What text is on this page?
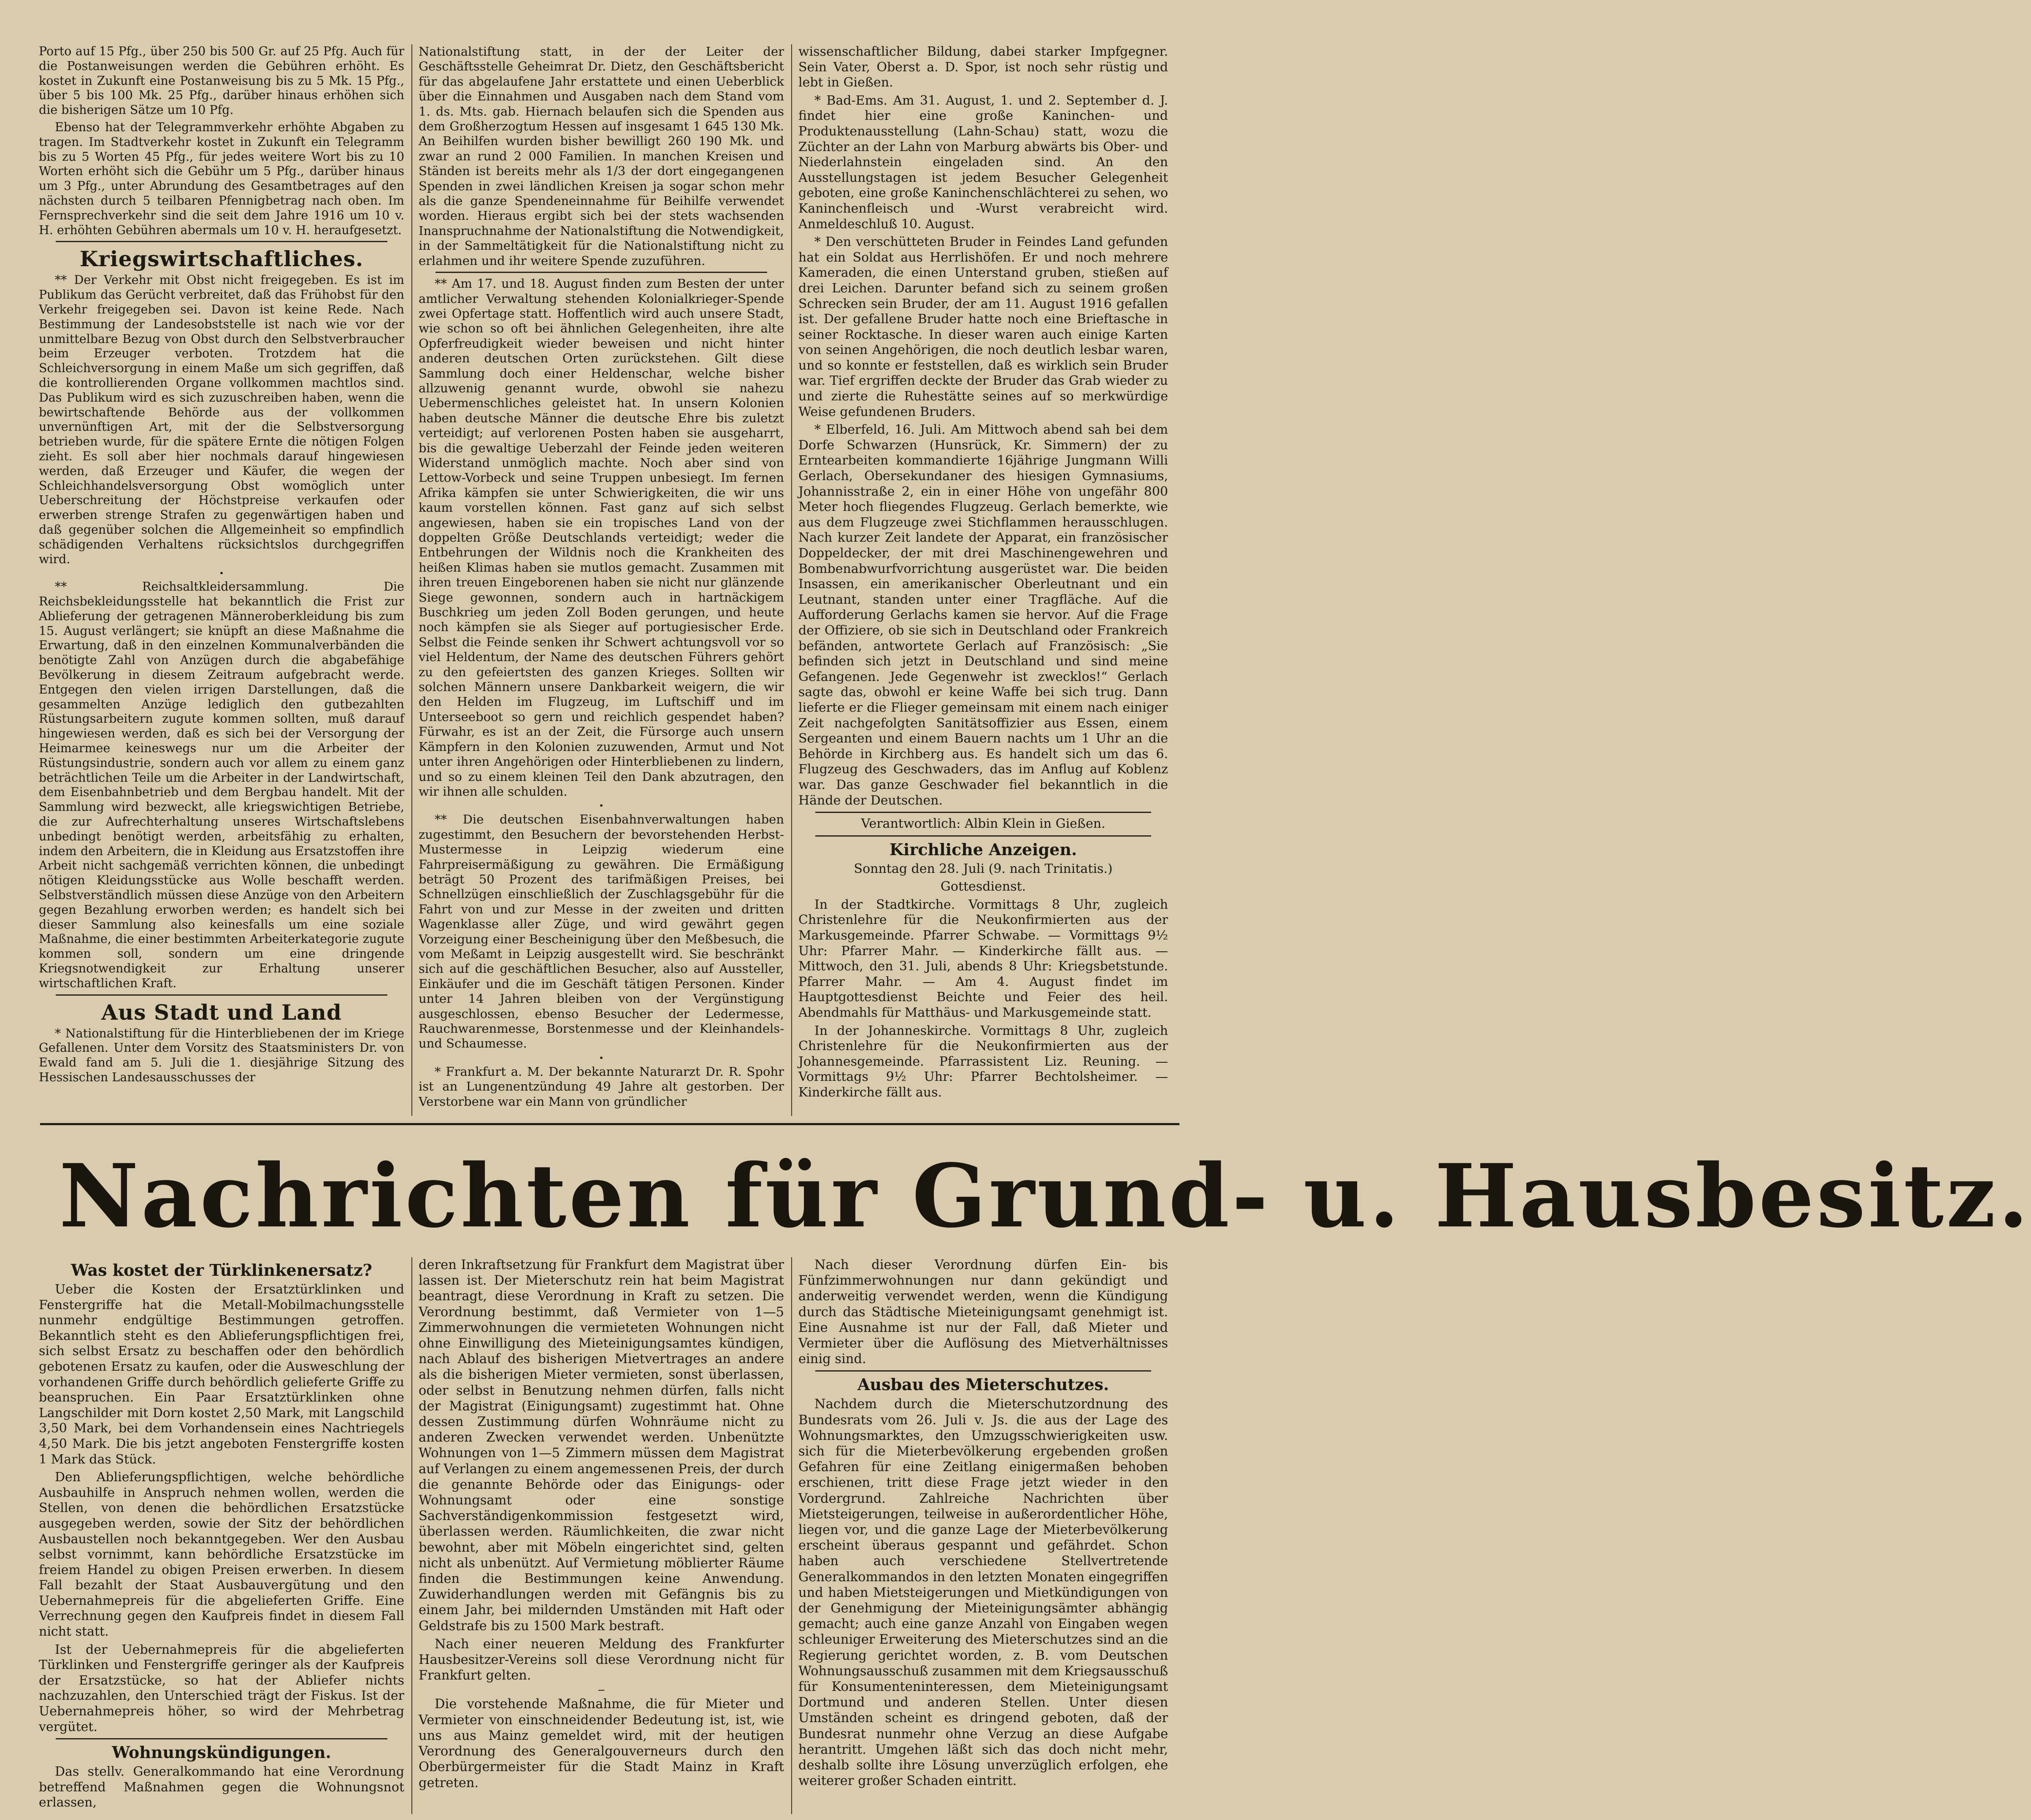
Porto auf 15 Pfg., über 250 bis 500 Gr. auf 25 Pfg. Auch für die Postanweisungen werden die Gebühren erhöht. Es kostet in Zukunft eine Postanweisung bis zu 5 Mk. 15 Pfg., über 5 bis 100 Mk. 25 Pfg., darüber hinaus erhöhen sich die bisherigen Sätze um 10 Pfg.

Ebenso hat der Telegrammverkehr erhöhte Abgaben zu tragen. Im Stadtverkehr kostet in Zukunft ein Telegramm bis zu 5 Worten 45 Pfg., für jedes weitere Wort bis zu 10 Worten erhöht sich die Gebühr um 5 Pfg., darüber hinaus um 3 Pfg., unter Abrundung des Gesamtbetrages auf den nächsten durch 5 teilbaren Pfennigbetrag nach oben. Im Fernsprechverkehr sind die seit dem Jahre 1916 um 10 v. H. erhöhten Gebühren abermals um 10 v. H. heraufgesetzt.

Kriegswirtschaftliches.

** Der Verkehr mit Obst nicht freigegeben. Es ist im Publikum das Gerücht verbreitet, daß das Frühobst für den Verkehr freigegeben sei. Davon ist keine Rede. Nach Bestimmung der Landesobststelle ist nach wie vor der unmittelbare Bezug von Obst durch den Selbstverbraucher beim Erzeuger verboten. Trotzdem hat die Schleichversorgung in einem Maße um sich gegriffen, daß die kontrollierenden Organe vollkommen machtlos sind. Das Publikum wird es sich zuzuschreiben haben, wenn die bewirtschaftende Behörde aus der vollkommen unvernünftigen Art, mit der die Selbstversorgung betrieben wurde, für die spätere Ernte die nötigen Folgen zieht. Es soll aber hier nochmals darauf hingewiesen werden, daß Erzeuger und Käufer, die wegen der Schleichhandelsversorgung Obst womöglich unter Ueberschreitung der Höchstpreise verkaufen oder erwerben strenge Strafen zu gegenwärtigen haben und daß gegenüber solchen die Allgemeinheit so empfindlich schädigenden Verhaltens rücksichtslos durchgegriffen wird.

•

** Reichsaltkleidersammlung. Die Reichsbekleidungsstelle hat bekanntlich die Frist zur Ablieferung der getragenen Männeroberkleidung bis zum 15. August verlängert; sie knüpft an diese Maßnahme die Erwartung, daß in den einzelnen Kommunalverbänden die benötigte Zahl von Anzügen durch die abgabefähige Bevölkerung in diesem Zeitraum aufgebracht werde. Entgegen den vielen irrigen Darstellungen, daß die gesammelten Anzüge lediglich den gutbezahlten Rüstungsarbeitern zugute kommen sollten, muß darauf hingewiesen werden, daß es sich bei der Versorgung der Heimarmee keineswegs nur um die Arbeiter der Rüstungsindustrie, sondern auch vor allem zu einem ganz beträchtlichen Teile um die Arbeiter in der Landwirtschaft, dem Eisenbahnbetrieb und dem Bergbau handelt. Mit der Sammlung wird bezweckt, alle kriegswichtigen Betriebe, die zur Aufrechterhaltung unseres Wirtschaftslebens unbedingt benötigt werden, arbeitsfähig zu erhalten, indem den Arbeitern, die in Kleidung aus Ersatzstoffen ihre Arbeit nicht sachgemäß verrichten können, die unbedingt nötigen Kleidungsstücke aus Wolle beschafft werden. Selbstverständlich müssen diese Anzüge von den Arbeitern gegen Bezahlung erworben werden; es handelt sich bei dieser Sammlung also keinesfalls um eine soziale Maßnahme, die einer bestimmten Arbeiterkategorie zugute kommen soll, sondern um eine dringende Kriegsnotwendigkeit zur Erhaltung unserer wirtschaftlichen Kraft.

Aus Stadt und Land

* Nationalstiftung für die Hinterbliebenen der im Kriege Gefallenen. Unter dem Vorsitz des Staatsministers Dr. von Ewald fand am 5. Juli die 1. diesjährige Sitzung des Hessischen Landesausschusses der

Nationalstiftung statt, in der der Leiter der Geschäftsstelle Geheimrat Dr. Dietz, den Geschäftsbericht für das abgelaufene Jahr erstattete und einen Ueberblick über die Einnahmen und Ausgaben nach dem Stand vom 1. ds. Mts. gab. Hiernach belaufen sich die Spenden aus dem Großherzogtum Hessen auf insgesamt 1 645 130 Mk. An Beihilfen wurden bisher bewilligt 260 190 Mk. und zwar an rund 2 000 Familien. In manchen Kreisen und Ständen ist bereits mehr als 1/3 der dort eingegangenen Spenden in zwei ländlichen Kreisen ja sogar schon mehr als die ganze Spendeneinnahme für Beihilfe verwendet worden. Hieraus ergibt sich bei der stets wachsenden Inanspruchnahme der Nationalstiftung die Notwendigkeit, in der Sammeltätigkeit für die Nationalstiftung nicht zu erlahmen und ihr weitere Spende zuzuführen.

** Am 17. und 18. August finden zum Besten der unter amtlicher Verwaltung stehenden Kolonialkrieger-Spende zwei Opfertage statt. Hoffentlich wird auch unsere Stadt, wie schon so oft bei ähnlichen Gelegenheiten, ihre alte Opferfreudigkeit wieder beweisen und nicht hinter anderen deutschen Orten zurückstehen. Gilt diese Sammlung doch einer Heldenschar, welche bisher allzuwenig genannt wurde, obwohl sie nahezu Uebermenschliches geleistet hat. In unsern Kolonien haben deutsche Männer die deutsche Ehre bis zuletzt verteidigt; auf verlorenen Posten haben sie ausgeharrt, bis die gewaltige Ueberzahl der Feinde jeden weiteren Widerstand unmöglich machte. Noch aber sind von Lettow-Vorbeck und seine Truppen unbesiegt. Im fernen Afrika kämpfen sie unter Schwierigkeiten, die wir uns kaum vorstellen können. Fast ganz auf sich selbst angewiesen, haben sie ein tropisches Land von der doppelten Größe Deutschlands verteidigt; weder die Entbehrungen der Wildnis noch die Krankheiten des heißen Klimas haben sie mutlos gemacht. Zusammen mit ihren treuen Eingeborenen haben sie nicht nur glänzende Siege gewonnen, sondern auch in hartnäckigem Buschkrieg um jeden Zoll Boden gerungen, und heute noch kämpfen sie als Sieger auf portugiesischer Erde. Selbst die Feinde senken ihr Schwert achtungsvoll vor so viel Heldentum, der Name des deutschen Führers gehört zu den gefeiertsten des ganzen Krieges. Sollten wir solchen Männern unsere Dankbarkeit weigern, die wir den Helden im Flugzeug, im Luftschiff und im Unterseeboot so gern und reichlich gespendet haben? Fürwahr, es ist an der Zeit, die Fürsorge auch unsern Kämpfern in den Kolonien zuzuwenden, Armut und Not unter ihren Angehörigen oder Hinterbliebenen zu lindern, und so zu einem kleinen Teil den Dank abzutragen, den wir ihnen alle schulden.

•

** Die deutschen Eisenbahnverwaltungen haben zugestimmt, den Besuchern der bevorstehenden Herbst-Mustermesse in Leipzig wiederum eine Fahrpreisermäßigung zu gewähren. Die Ermäßigung beträgt 50 Prozent des tarifmäßigen Preises, bei Schnellzügen einschließlich der Zuschlagsgebühr für die Fahrt von und zur Messe in der zweiten und dritten Wagenklasse aller Züge, und wird gewährt gegen Vorzeigung einer Bescheinigung über den Meßbesuch, die vom Meßamt in Leipzig ausgestellt wird. Sie beschränkt sich auf die geschäftlichen Besucher, also auf Aussteller, Einkäufer und die im Geschäft tätigen Personen. Kinder unter 14 Jahren bleiben von der Vergünstigung ausgeschlossen, ebenso Besucher der Ledermesse, Rauchwarenmesse, Borstenmesse und der Kleinhandels- und Schaumesse.

•

* Frankfurt a. M. Der bekannte Naturarzt Dr. R. Spohr ist an Lungenentzündung 49 Jahre alt gestorben. Der Verstorbene war ein Mann von gründlicher

wissenschaftlicher Bildung, dabei starker Impfgegner. Sein Vater, Oberst a. D. Spor, ist noch sehr rüstig und lebt in Gießen.

* Bad-Ems. Am 31. August, 1. und 2. September d. J. findet hier eine große Kaninchen- und Produktenausstellung (Lahn-Schau) statt, wozu die Züchter an der Lahn von Marburg abwärts bis Ober- und Niederlahnstein eingeladen sind. An den Ausstellungstagen ist jedem Besucher Gelegenheit geboten, eine große Kaninchenschlächterei zu sehen, wo Kaninchenfleisch und -Wurst verabreicht wird. Anmeldeschluß 10. August.

* Den verschütteten Bruder in Feindes Land gefunden hat ein Soldat aus Herrlishöfen. Er und noch mehrere Kameraden, die einen Unterstand gruben, stießen auf drei Leichen. Darunter befand sich zu seinem großen Schrecken sein Bruder, der am 11. August 1916 gefallen ist. Der gefallene Bruder hatte noch eine Brieftasche in seiner Rocktasche. In dieser waren auch einige Karten von seinen Angehörigen, die noch deutlich lesbar waren, und so konnte er feststellen, daß es wirklich sein Bruder war. Tief ergriffen deckte der Bruder das Grab wieder zu und zierte die Ruhestätte seines auf so merkwürdige Weise gefundenen Bruders.

* Elberfeld, 16. Juli. Am Mittwoch abend sah bei dem Dorfe Schwarzen (Hunsrück, Kr. Simmern) der zu Erntearbeiten kommandierte 16jährige Jungmann Willi Gerlach, Obersekundaner des hiesigen Gymnasiums, Johannisstraße 2, ein in einer Höhe von ungefähr 800 Meter hoch fliegendes Flugzeug. Gerlach bemerkte, wie aus dem Flugzeuge zwei Stichflammen herausschlugen. Nach kurzer Zeit landete der Apparat, ein französischer Doppeldecker, der mit drei Maschinengewehren und Bombenabwurfvorrichtung ausgerüstet war. Die beiden Insassen, ein amerikanischer Oberleutnant und ein Leutnant, standen unter einer Tragfläche. Auf die Aufforderung Gerlachs kamen sie hervor. Auf die Frage der Offiziere, ob sie sich in Deutschland oder Frankreich befänden, antwortete Gerlach auf Französisch: „Sie befinden sich jetzt in Deutschland und sind meine Gefangenen. Jede Gegenwehr ist zwecklos!“ Gerlach sagte das, obwohl er keine Waffe bei sich trug. Dann lieferte er die Flieger gemeinsam mit einem nach einiger Zeit nachgefolgten Sanitätsoffizier aus Essen, einem Sergeanten und einem Bauern nachts um 1 Uhr an die Behörde in Kirchberg aus. Es handelt sich um das 6. Flugzeug des Geschwaders, das im Anflug auf Koblenz war. Das ganze Geschwader fiel bekanntlich in die Hände der Deutschen.

Verantwortlich: Albin Klein in Gießen.

Kirchliche Anzeigen.

Sonntag den 28. Juli (9. nach Trinitatis.)

Gottesdienst.

In der Stadtkirche. Vormittags 8 Uhr, zugleich Christenlehre für die Neukonfirmierten aus der Markusgemeinde. Pfarrer Schwabe. — Vormittags 9½ Uhr: Pfarrer Mahr. — Kinderkirche fällt aus. — Mittwoch, den 31. Juli, abends 8 Uhr: Kriegsbetstunde. Pfarrer Mahr. — Am 4. August findet im Hauptgottesdienst Beichte und Feier des heil. Abendmahls für Matthäus- und Markusgemeinde statt.

In der Johanneskirche. Vormittags 8 Uhr, zugleich Christenlehre für die Neukonfirmierten aus der Johannesgemeinde. Pfarrassistent Liz. Reuning. — Vormittags 9½ Uhr: Pfarrer Bechtolsheimer. — Kinderkirche fällt aus.

Nachrichten für Grund- u. Hausbesitz.
Was kostet der Türklinkenersatz?

Ueber die Kosten der Ersatztürklinken und Fenstergriffe hat die Metall-Mobilmachungsstelle nunmehr endgültige Bestimmungen getroffen. Bekanntlich steht es den Ablieferungspflichtigen frei, sich selbst Ersatz zu beschaffen oder den behördlich gebotenen Ersatz zu kaufen, oder die Ausweschlung der vorhandenen Griffe durch behördlich gelieferte Griffe zu beanspruchen. Ein Paar Ersatztürklinken ohne Langschilder mit Dorn kostet 2,50 Mark, mit Langschild 3,50 Mark, bei dem Vorhandensein eines Nachtriegels 4,50 Mark. Die bis jetzt angeboten Fenstergriffe kosten 1 Mark das Stück.

Den Ablieferungspflichtigen, welche behördliche Ausbauhilfe in Anspruch nehmen wollen, werden die Stellen, von denen die behördlichen Ersatzstücke ausgegeben werden, sowie der Sitz der behördlichen Ausbaustellen noch bekanntgegeben. Wer den Ausbau selbst vornimmt, kann behördliche Ersatzstücke im freiem Handel zu obigen Preisen erwerben. In diesem Fall bezahlt der Staat Ausbauvergütung und den Uebernahmepreis für die abgelieferten Griffe. Eine Verrechnung gegen den Kaufpreis findet in diesem Fall nicht statt.

Ist der Uebernahmepreis für die abgelieferten Türklinken und Fenstergriffe geringer als der Kaufpreis der Ersatzstücke, so hat der Abliefer nichts nachzuzahlen, den Unterschied trägt der Fiskus. Ist der Uebernahmepreis höher, so wird der Mehrbetrag vergütet.

Wohnungskündigungen.

Das stellv. Generalkommando hat eine Verordnung betreffend Maßnahmen gegen die Wohnungsnot erlassen,

deren Inkraftsetzung für Frankfurt dem Magistrat über lassen ist. Der Mieterschutz rein hat beim Magistrat beantragt, diese Verordnung in Kraft zu setzen. Die Verordnung bestimmt, daß Vermieter von 1—5 Zimmerwohnungen die vermieteten Wohnungen nicht ohne Einwilligung des Mieteinigungsamtes kündigen, nach Ablauf des bisherigen Mietvertrages an andere als die bisherigen Mieter vermieten, sonst überlassen, oder selbst in Benutzung nehmen dürfen, falls nicht der Magistrat (Einigungsamt) zugestimmt hat. Ohne dessen Zustimmung dürfen Wohnräume nicht zu anderen Zwecken verwendet werden. Unbenützte Wohnungen von 1—5 Zimmern müssen dem Magistrat auf Verlangen zu einem angemessenen Preis, der durch die genannte Behörde oder das Einigungs- oder Wohnungsamt oder eine sonstige Sachverständigenkommission festgesetzt wird, überlassen werden. Räumlichkeiten, die zwar nicht bewohnt, aber mit Möbeln eingerichtet sind, gelten nicht als unbenützt. Auf Vermietung möblierter Räume finden die Bestimmungen keine Anwendung. Zuwiderhandlungen werden mit Gefängnis bis zu einem Jahr, bei mildernden Umständen mit Haft oder Geldstrafe bis zu 1500 Mark bestraft.

Nach einer neueren Meldung des Frankfurter Hausbesitzer-Vereins soll diese Verordnung nicht für Frankfurt gelten.

—

Die vorstehende Maßnahme, die für Mieter und Vermieter von einschneidender Bedeutung ist, ist, wie uns aus Mainz gemeldet wird, mit der heutigen Verordnung des Generalgouverneurs durch den Oberbürgermeister für die Stadt Mainz in Kraft getreten.

Nach dieser Verordnung dürfen Ein- bis Fünfzimmerwohnungen nur dann gekündigt und anderweitig verwendet werden, wenn die Kündigung durch das Städtische Mieteinigungsamt genehmigt ist. Eine Ausnahme ist nur der Fall, daß Mieter und Vermieter über die Auflösung des Mietverhältnisses einig sind.

Ausbau des Mieterschutzes.

Nachdem durch die Mieterschutzordnung des Bundesrats vom 26. Juli v. Js. die aus der Lage des Wohnungsmarktes, den Umzugsschwierigkeiten usw. sich für die Mieterbevölkerung ergebenden großen Gefahren für eine Zeitlang einigermaßen behoben erschienen, tritt diese Frage jetzt wieder in den Vordergrund. Zahlreiche Nachrichten über Mietsteigerungen, teilweise in außerordentlicher Höhe, liegen vor, und die ganze Lage der Mieterbevölkerung erscheint überaus gespannt und gefährdet. Schon haben auch verschiedene Stellvertretende Generalkommandos in den letzten Monaten eingegriffen und haben Mietsteigerungen und Mietkündigungen von der Genehmigung der Mieteinigungsämter abhängig gemacht; auch eine ganze Anzahl von Eingaben wegen schleuniger Erweiterung des Mieterschutzes sind an die Regierung gerichtet worden, z. B. vom Deutschen Wohnungsausschuß zusammen mit dem Kriegsausschuß für Konsumenteninteressen, dem Mieteinigungsamt Dortmund und anderen Stellen. Unter diesen Umständen scheint es dringend geboten, daß der Bundesrat nunmehr ohne Verzug an diese Aufgabe herantritt. Umgehen läßt sich das doch nicht mehr, deshalb sollte ihre Lösung unverzüglich erfolgen, ehe weiterer großer Schaden eintritt.
